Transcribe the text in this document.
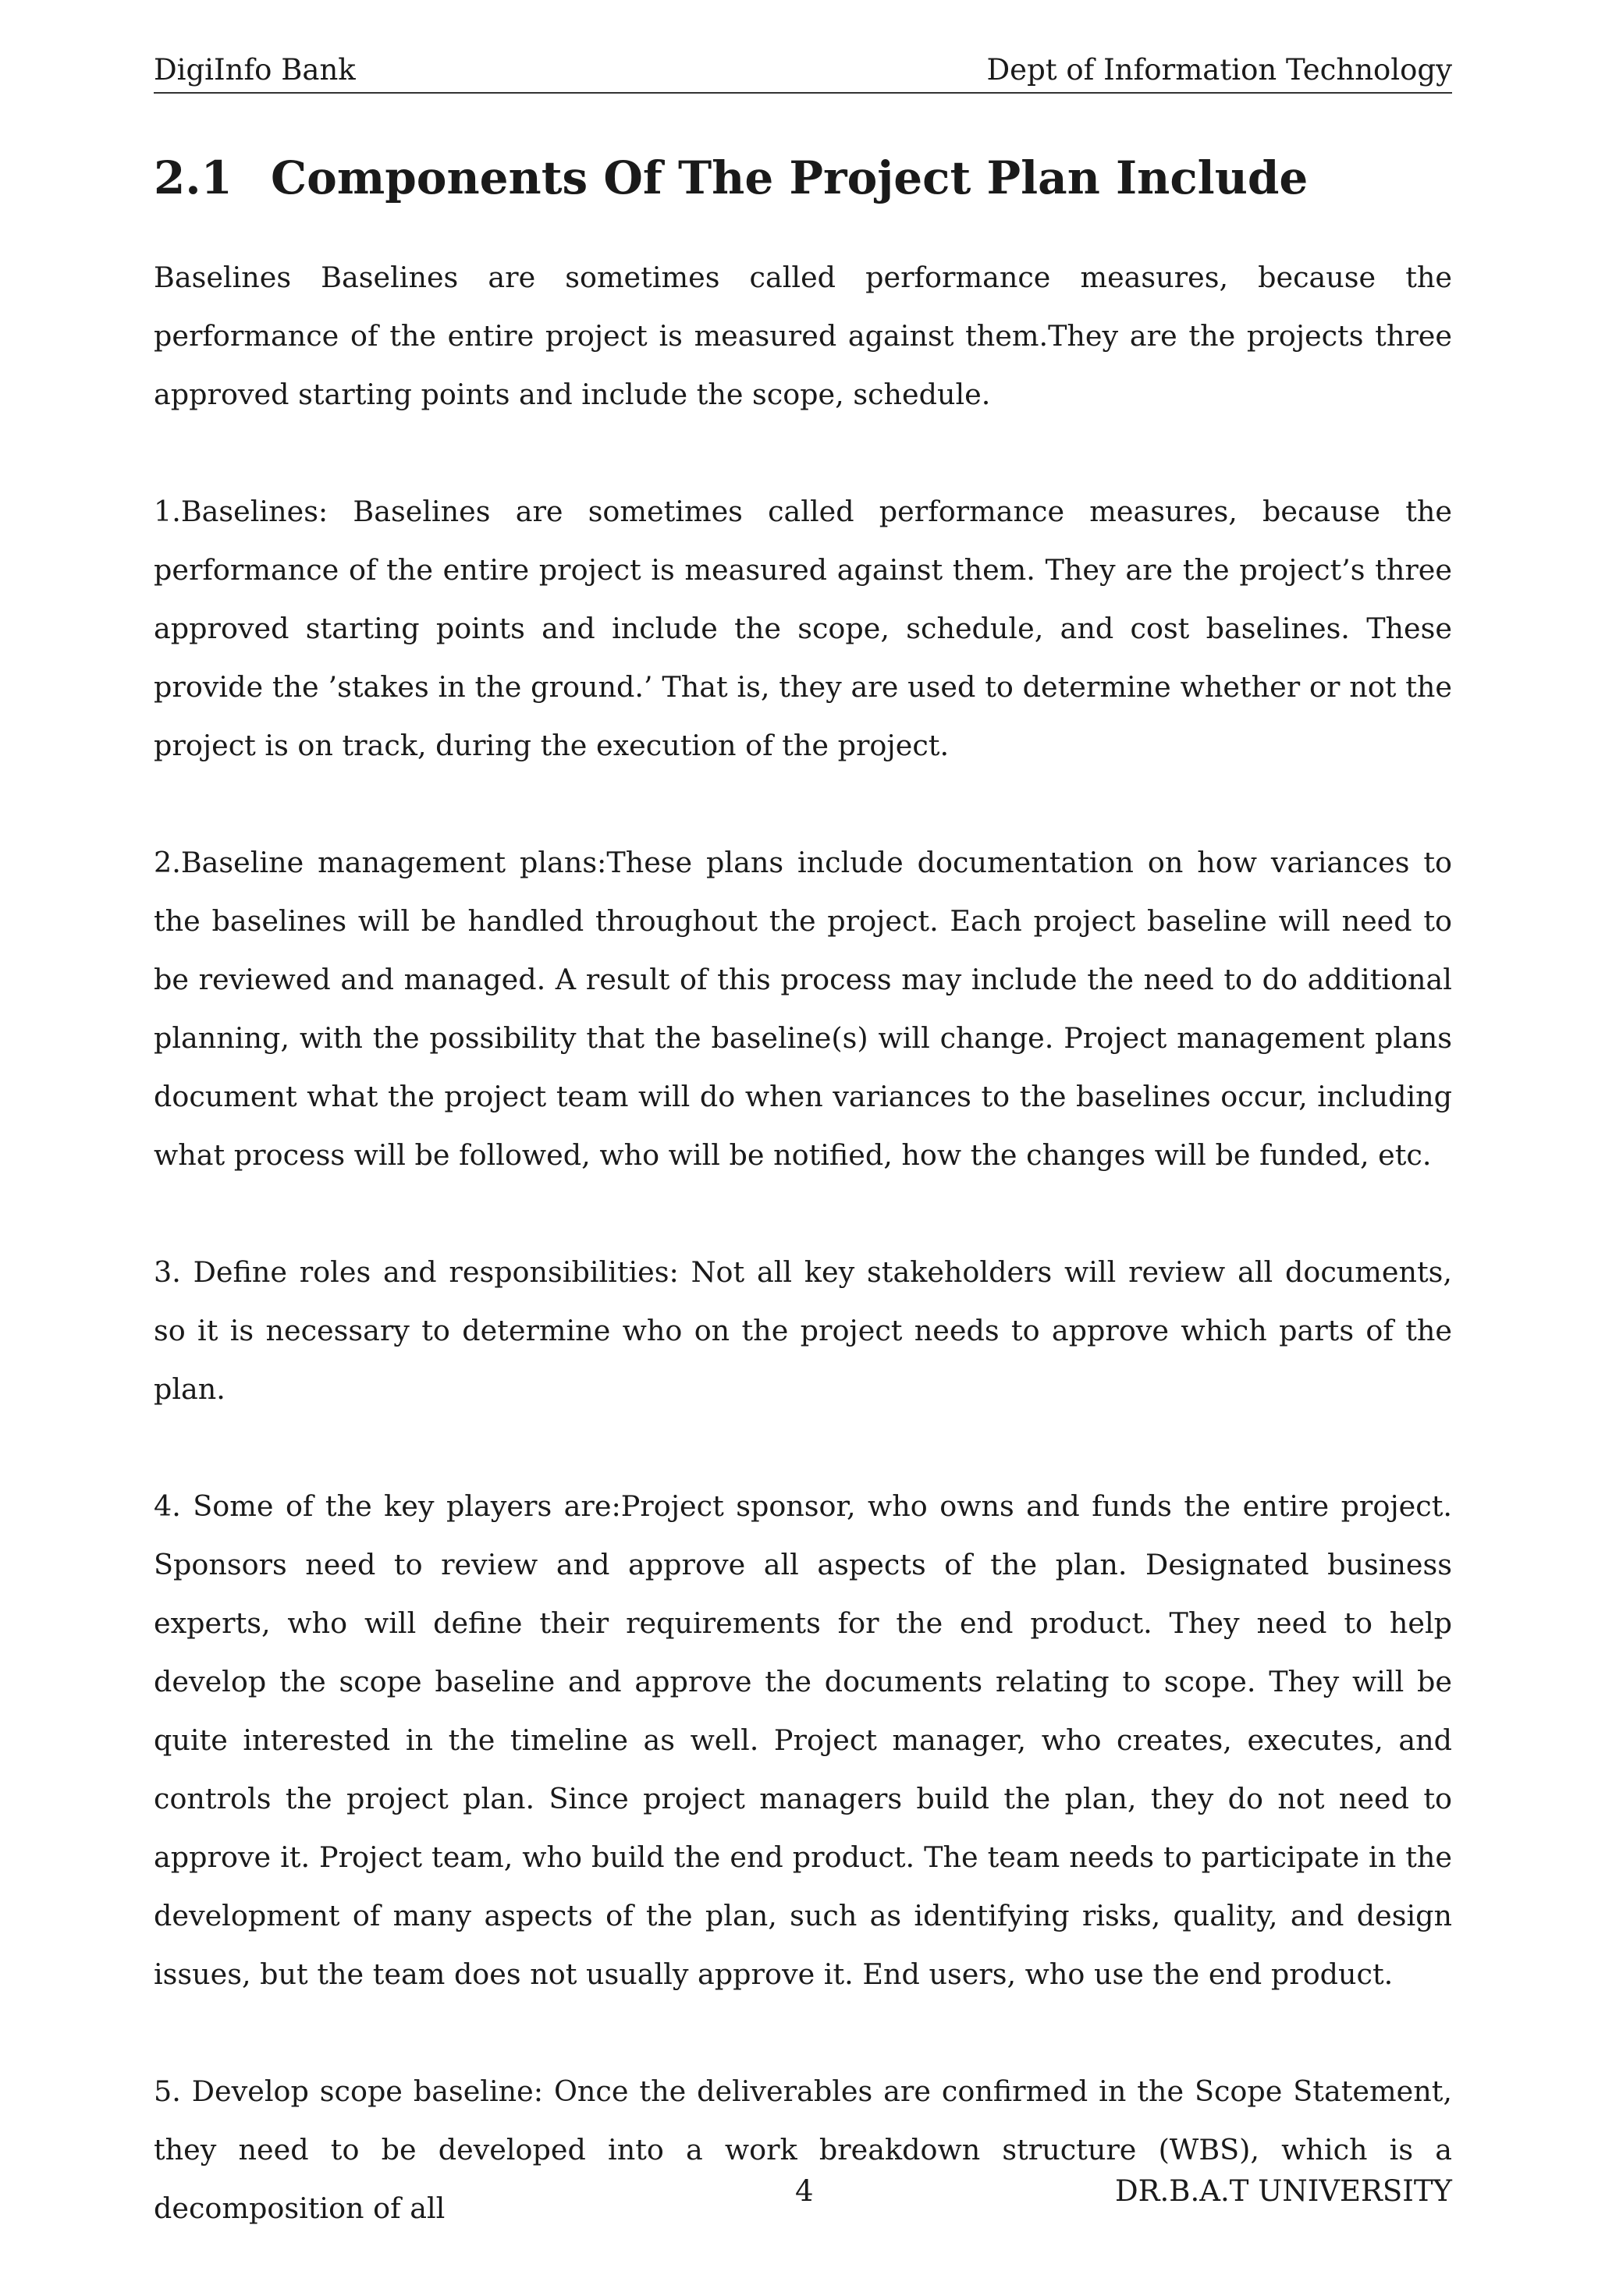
DigiInfo Bank	Dept of Information Technology
2.1 Components Of The Project Plan Include

Baselines Baselines are sometimes called performance measures, because the performance of the entire project is measured against them.They are the projects three approved starting points and include the scope, schedule.

1.Baselines: Baselines are sometimes called performance measures, because the performance of the entire project is measured against them. They are the project’s three approved starting points and include the scope, schedule, and cost baselines. These provide the ’stakes in the ground.’ That is, they are used to determine whether or not the project is on track, during the execution of the project.

2.Baseline management plans:These plans include documentation on how variances to the baselines will be handled throughout the project. Each project baseline will need to be reviewed and managed. A result of this process may include the need to do additional planning, with the possibility that the baseline(s) will change. Project management plans document what the project team will do when variances to the baselines occur, including what process will be followed, who will be notified, how the changes will be funded, etc.

3. Define roles and responsibilities: Not all key stakeholders will review all documents, so it is necessary to determine who on the project needs to approve which parts of the plan.

4. Some of the key players are:Project sponsor, who owns and funds the entire project. Sponsors need to review and approve all aspects of the plan. Designated business experts, who will define their requirements for the end product. They need to help develop the scope baseline and approve the documents relating to scope. They will be quite interested in the timeline as well. Project manager, who creates, executes, and controls the project plan. Since project managers build the plan, they do not need to approve it. Project team, who build the end product. The team needs to participate in the development of many aspects of the plan, such as identifying risks, quality, and design issues, but the team does not usually approve it. End users, who use the end product.

5. Develop scope baseline: Once the deliverables are confirmed in the Scope Statement, they need to be developed into a work breakdown structure (WBS), which is a decomposition of all

4	DR.B.A.T UNIVERSITY
